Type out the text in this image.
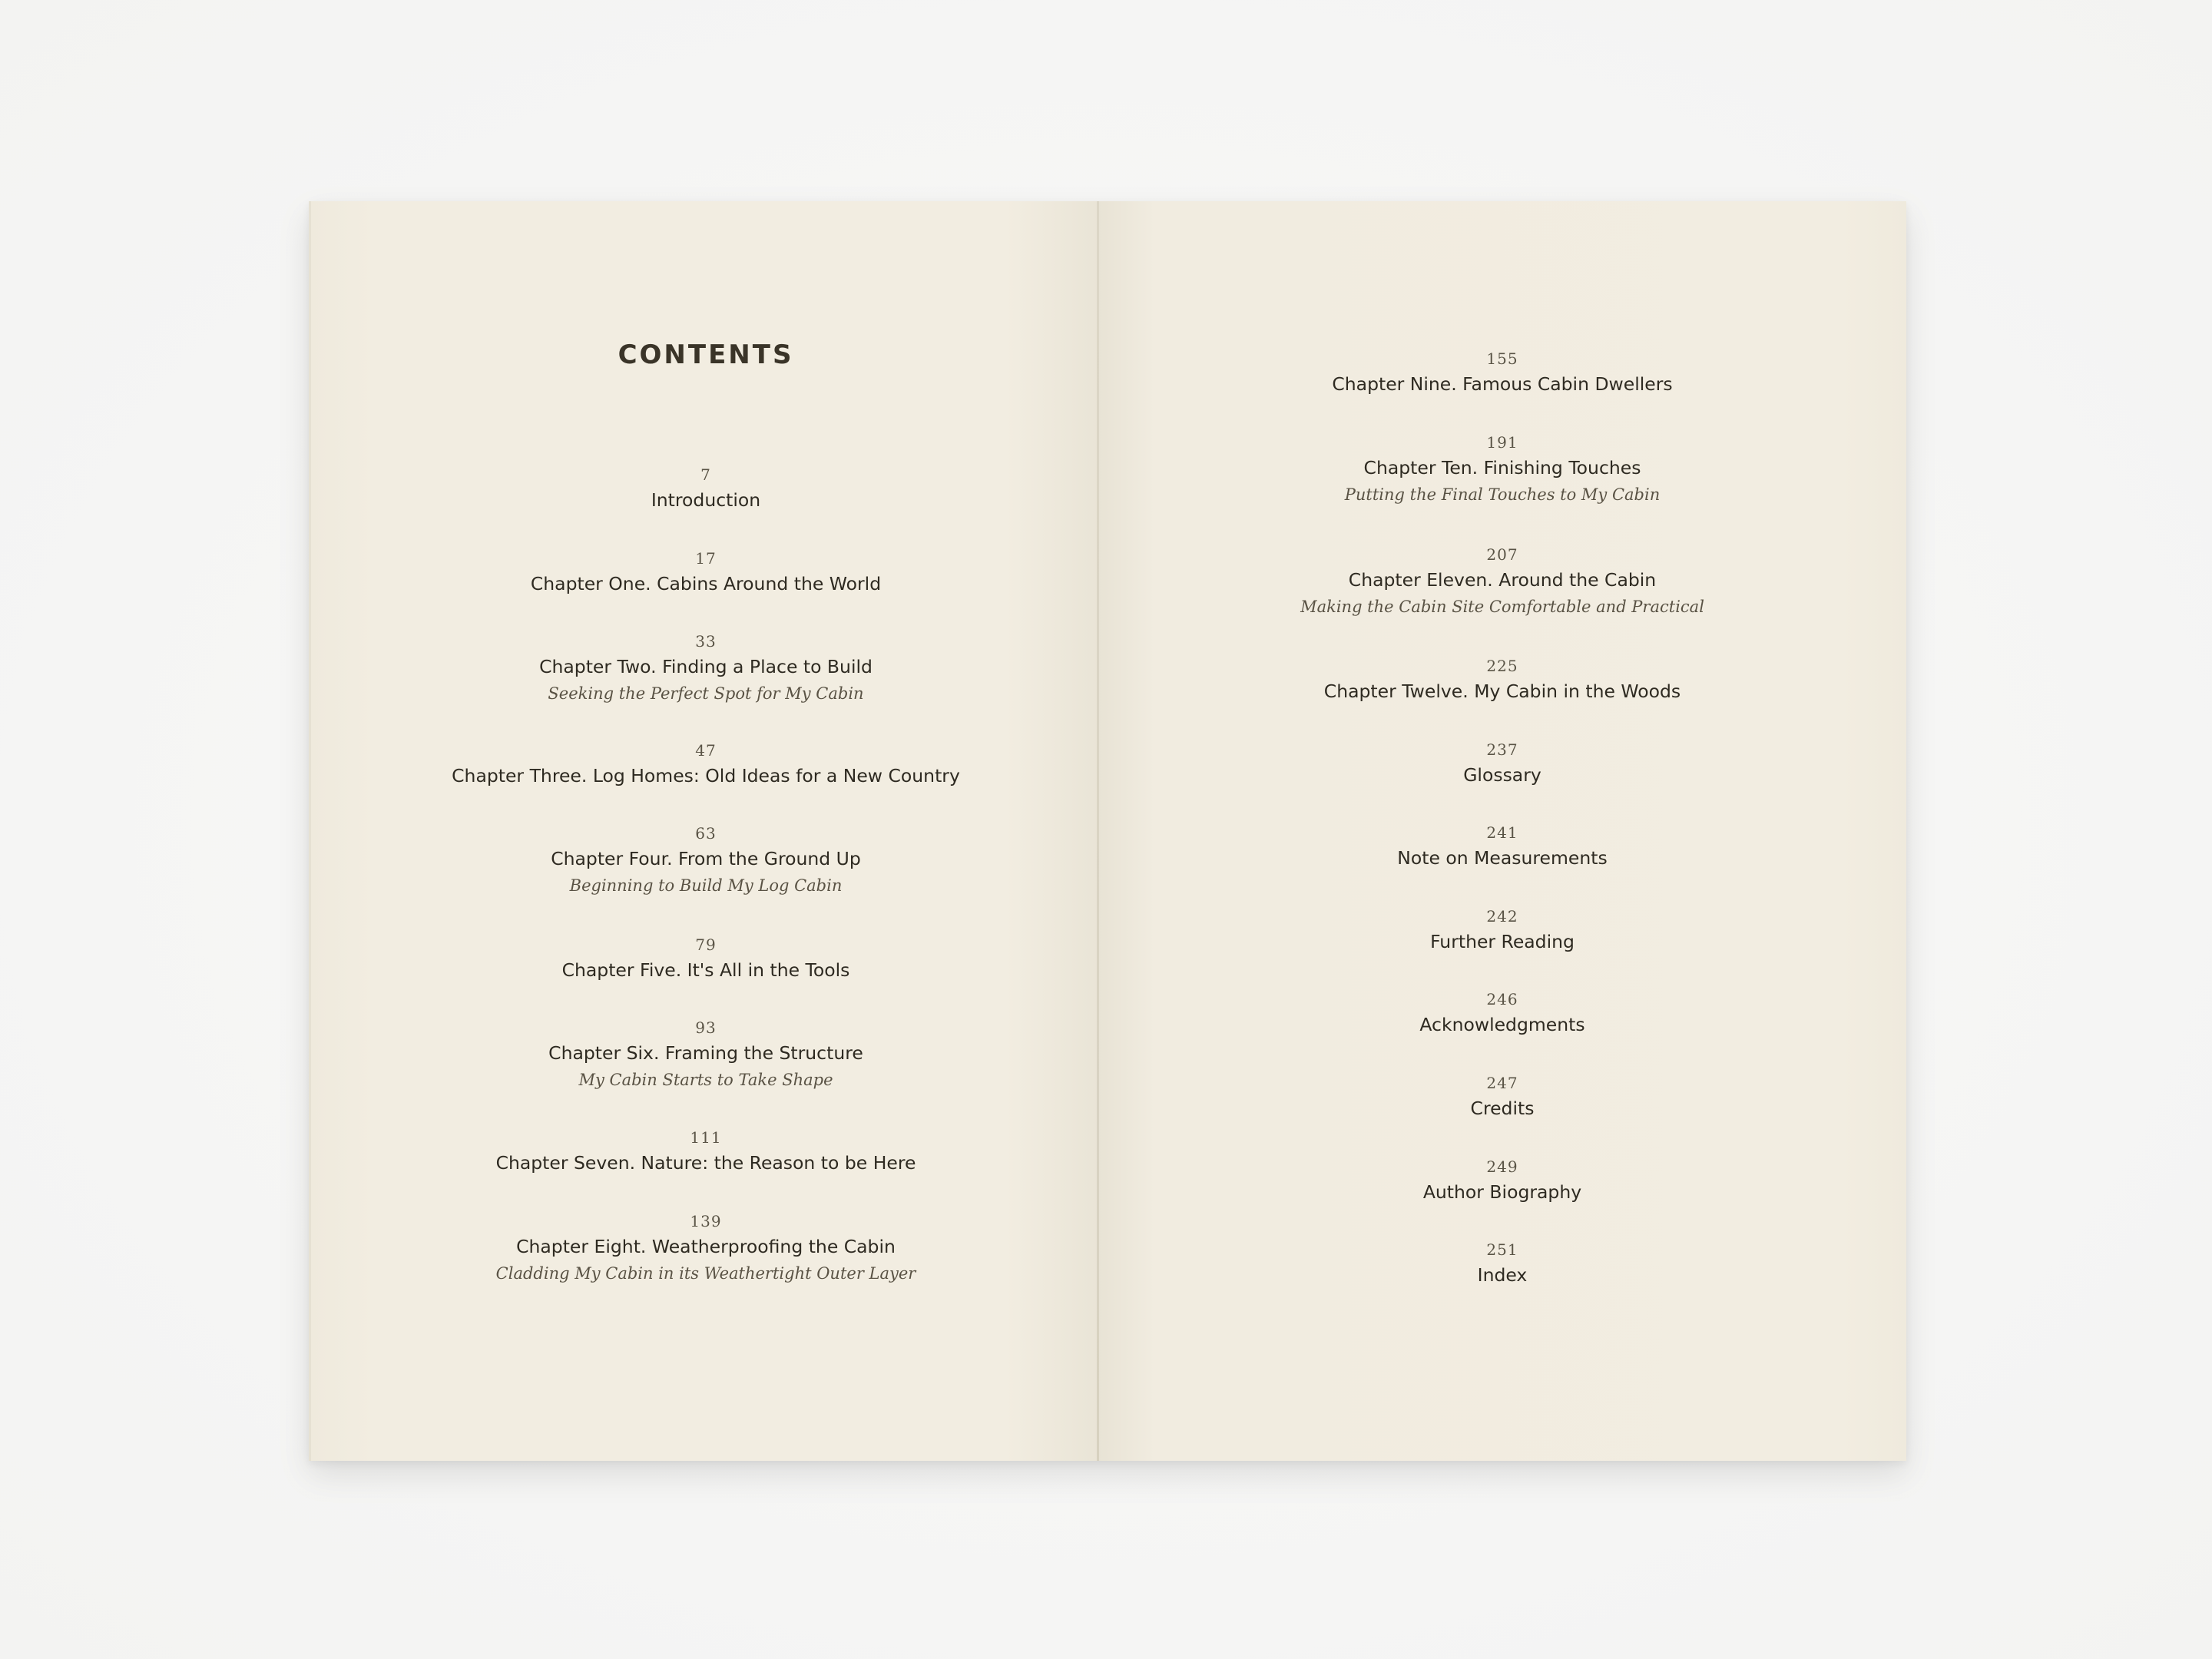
CONTENTS
7
Introduction
17
Chapter One. Cabins Around the World
33
Chapter Two. Finding a Place to Build
Seeking the Perfect Spot for My Cabin
47
Chapter Three. Log Homes: Old Ideas for a New Country
63
Chapter Four. From the Ground Up
Beginning to Build My Log Cabin
79
Chapter Five. It's All in the Tools
93
Chapter Six. Framing the Structure
My Cabin Starts to Take Shape
111
Chapter Seven. Nature: the Reason to be Here
139
Chapter Eight. Weatherproofing the Cabin
Cladding My Cabin in its Weathertight Outer Layer
155
Chapter Nine. Famous Cabin Dwellers
191
Chapter Ten. Finishing Touches
Putting the Final Touches to My Cabin
207
Chapter Eleven. Around the Cabin
Making the Cabin Site Comfortable and Practical
225
Chapter Twelve. My Cabin in the Woods
237
Glossary
241
Note on Measurements
242
Further Reading
246
Acknowledgments
247
Credits
249
Author Biography
251
Index
